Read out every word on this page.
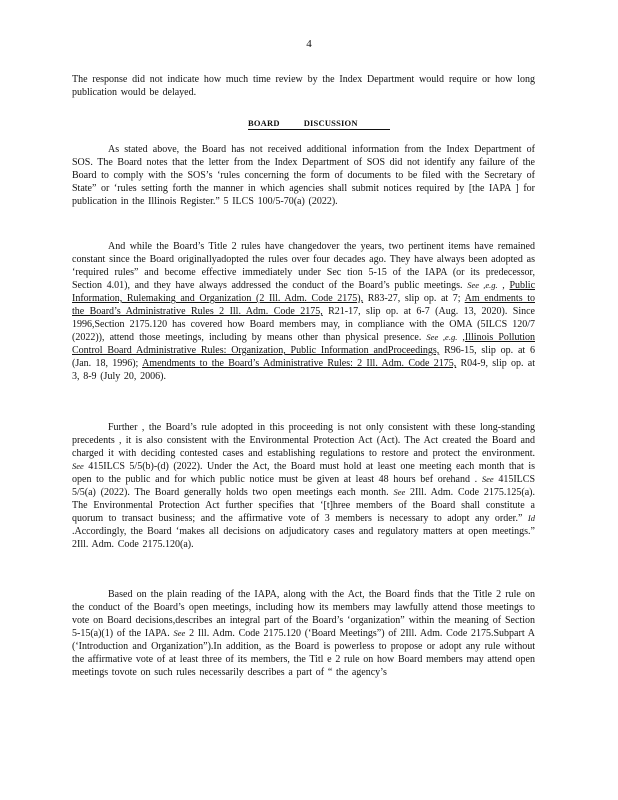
4

The response did not indicate how much time review by the Index Department would require or how long publication would be delayed.

BOARD	DISCUSSION

As stated above, the Board has not received additional information from the Index Department of SOS. The Board notes that the letter from the Index Department of SOS did not identify any failure of the Board to comply with the SOS’s ‘rules concerning the form of documents to be filed with the Secretary of State” or ‘rules setting forth the manner in which agencies shall submit notices required by [the IAPA ] for publication in the Illinois Register.” 5 ILCS 100/5-70(a) (2022).

And while the Board’s Title 2 rules have changedover the years, two pertinent items have remained constant since the Board originallyadopted the rules over four decades ago. They have always been adopted as ‘required rules” and become effective immediately under Sec tion 5-15 of the IAPA (or its predecessor, Section 4.01), and they have always addressed the conduct of the Board’s public meetings. See ,e.g. , Public Information, Rulemaking and Organization (2 Ill. Adm. Code 2175), R83-27, slip op. at 7; Am endments to the Board’s Administrative Rules 2 Ill. Adm. Code 2175, R21-17, slip op. at 6-7 (Aug. 13, 2020). Since 1996,Section 2175.120 has covered how Board members may, in compliance with the OMA (5ILCS 120/7 (2022)), attend those meetings, including by means other than physical presence. See ,e.g. ,Illinois Pollution Control Board Administrative Rules: Organization, Public Information andProceedings, R96-15, slip op. at 6 (Jan. 18, 1996); Amendments to the Board’s Administrative Rules: 2 Ill. Adm. Code 2175, R04-9, slip op. at 3, 8-9 (July 20, 2006).

Further , the Board’s rule adopted in this proceeding is not only consistent with these long-standing precedents , it is also consistent with the Environmental Protection Act (Act). The Act created the Board and charged it with deciding contested cases and establishing regulations to restore and protect the environment. See 415ILCS 5/5(b)-(d) (2022). Under the Act, the Board must hold at least one meeting each month that is open to the public and for which public notice must be given at least 48 hours bef orehand . See 415ILCS 5/5(a) (2022). The Board generally holds two open meetings each month. See 2Ill. Adm. Code 2175.125(a). The Environmental Protection Act further specifies that ‘[t]hree members of the Board shall constitute a quorum to transact business; and the affirmative vote of 3 members is necessary to adopt any order.” Id .Accordingly, the Board ‘makes all decisions on adjudicatory cases and regulatory matters at open meetings.” 2Ill. Adm. Code 2175.120(a).

Based on the plain reading of the IAPA, along with the Act, the Board finds that the Title 2 rule on the conduct of the Board’s open meetings, including how its members may lawfully attend those meetings to vote on Board decisions,describes an integral part of the Board’s ‘organization” within the meaning of Section 5-15(a)(1) of the IAPA. See 2 Ill. Adm. Code 2175.120 (‘Board Meetings”) of 2Ill. Adm. Code 2175.Subpart A (‘Introduction and Organization”).In addition, as the Board is powerless to propose or adopt any rule without the affirmative vote of at least three of its members, the Titl e 2 rule on how Board members may attend open meetings tovote on such rules necessarily describes a part of “ the agency’s
